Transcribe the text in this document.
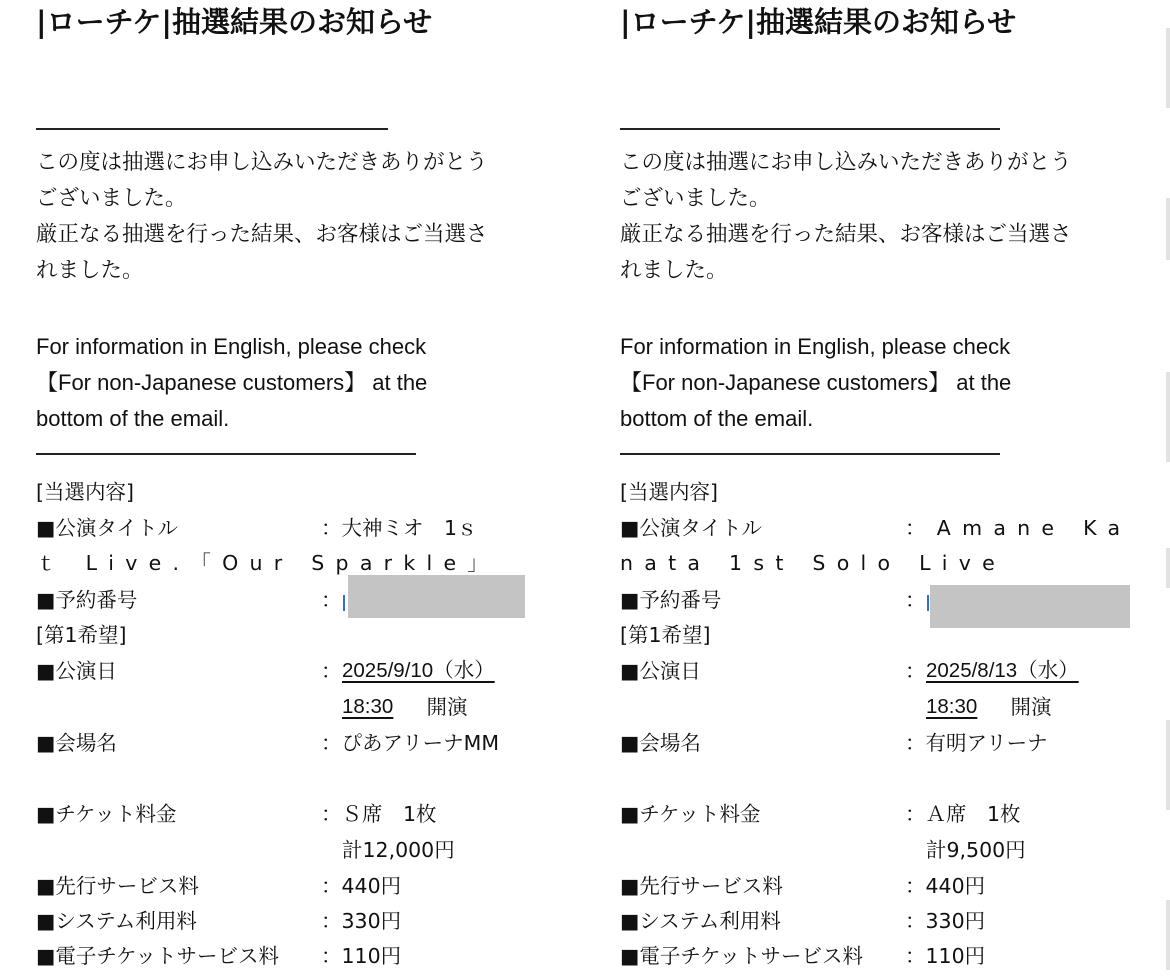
|ローチケ|抽選結果のお知らせ
この度は抽選にお申し込みいただきありがとう
ございました。
厳正なる抽選を行った結果、お客様はご当選さ
れました。
For information in English, please check
【For non-Japanese customers】 at the
bottom of the email.
[当選内容]
■公演タイトル	：大神ミオ　1ｓ
ｔ Live.「Our Sparkle」
■予約番号	：
[第1希望]
■公演日	： 2025/9/10（水）
18:30 　開演
■会場名	：ぴあアリーナMM
■チケット料金	：Ｓ席　1枚
計12,000円
■先行サービス料	：440円
■システム利用料	：330円
■電子チケットサービス料 ：110円
|ローチケ|抽選結果のお知らせ
この度は抽選にお申し込みいただきありがとう
ございました。
厳正なる抽選を行った結果、お客様はご当選さ
れました。
For information in English, please check
【For non-Japanese customers】 at the
bottom of the email.
[当選内容]
■公演タイトル	：Amane Ka
nata 1st Solo Live
■予約番号	：
[第1希望]
■公演日	： 2025/8/13（水）
18:30 　開演
■会場名	：有明アリーナ
■チケット料金	：Ａ席　1枚
計9,500円
■先行サービス料	：440円
■システム利用料	：330円
■電子チケットサービス料 ：110円
